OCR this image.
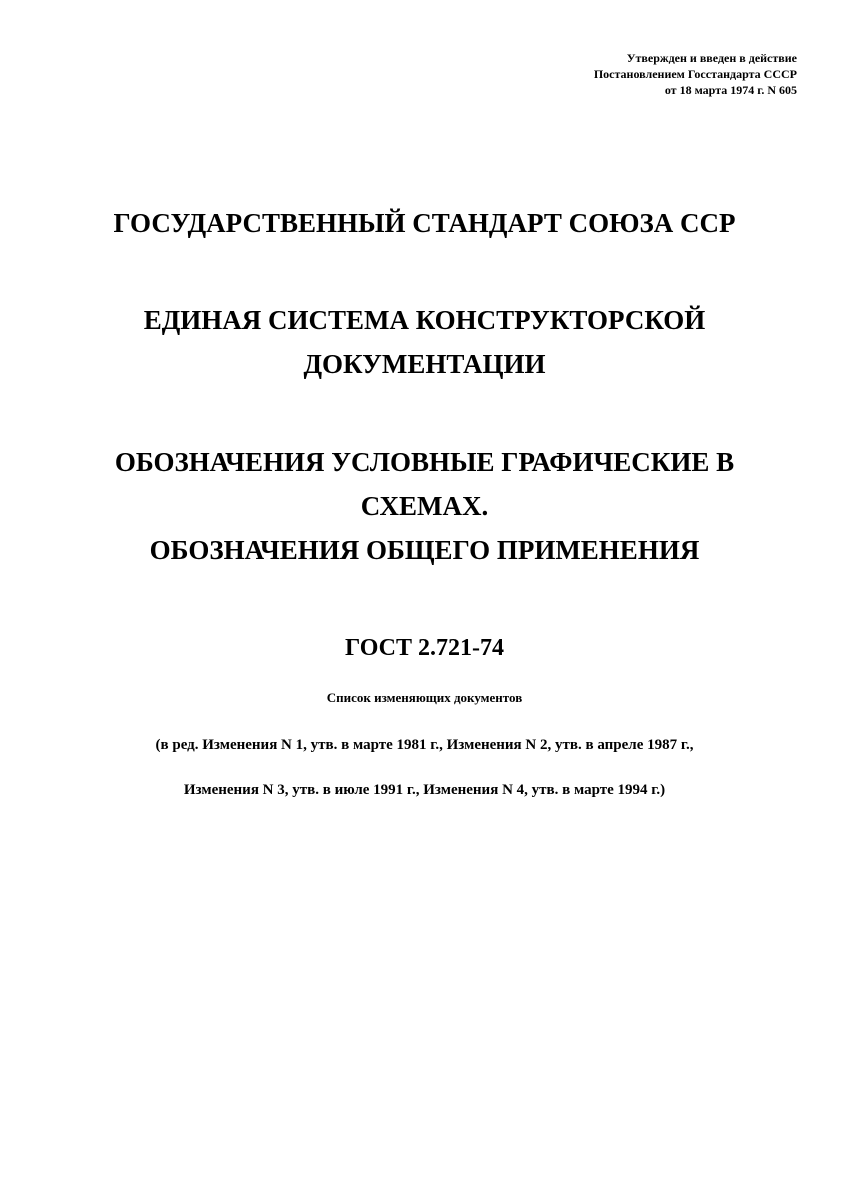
Утвержден и введен в действие
Постановлением Госстандарта СССР
от 18 марта 1974 г. N 605
ГОСУДАРСТВЕННЫЙ СТАНДАРТ СОЮЗА ССР
ЕДИНАЯ СИСТЕМА КОНСТРУКТОРСКОЙ
ДОКУМЕНТАЦИИ
ОБОЗНАЧЕНИЯ УСЛОВНЫЕ ГРАФИЧЕСКИЕ В
СХЕМАХ.
ОБОЗНАЧЕНИЯ ОБЩЕГО ПРИМЕНЕНИЯ
ГОСТ 2.721-74
Список изменяющих документов
(в ред. Изменения N 1, утв. в марте 1981 г., Изменения N 2, утв. в апреле 1987 г.,
Изменения N 3, утв. в июле 1991 г., Изменения N 4, утв. в марте 1994 г.)
